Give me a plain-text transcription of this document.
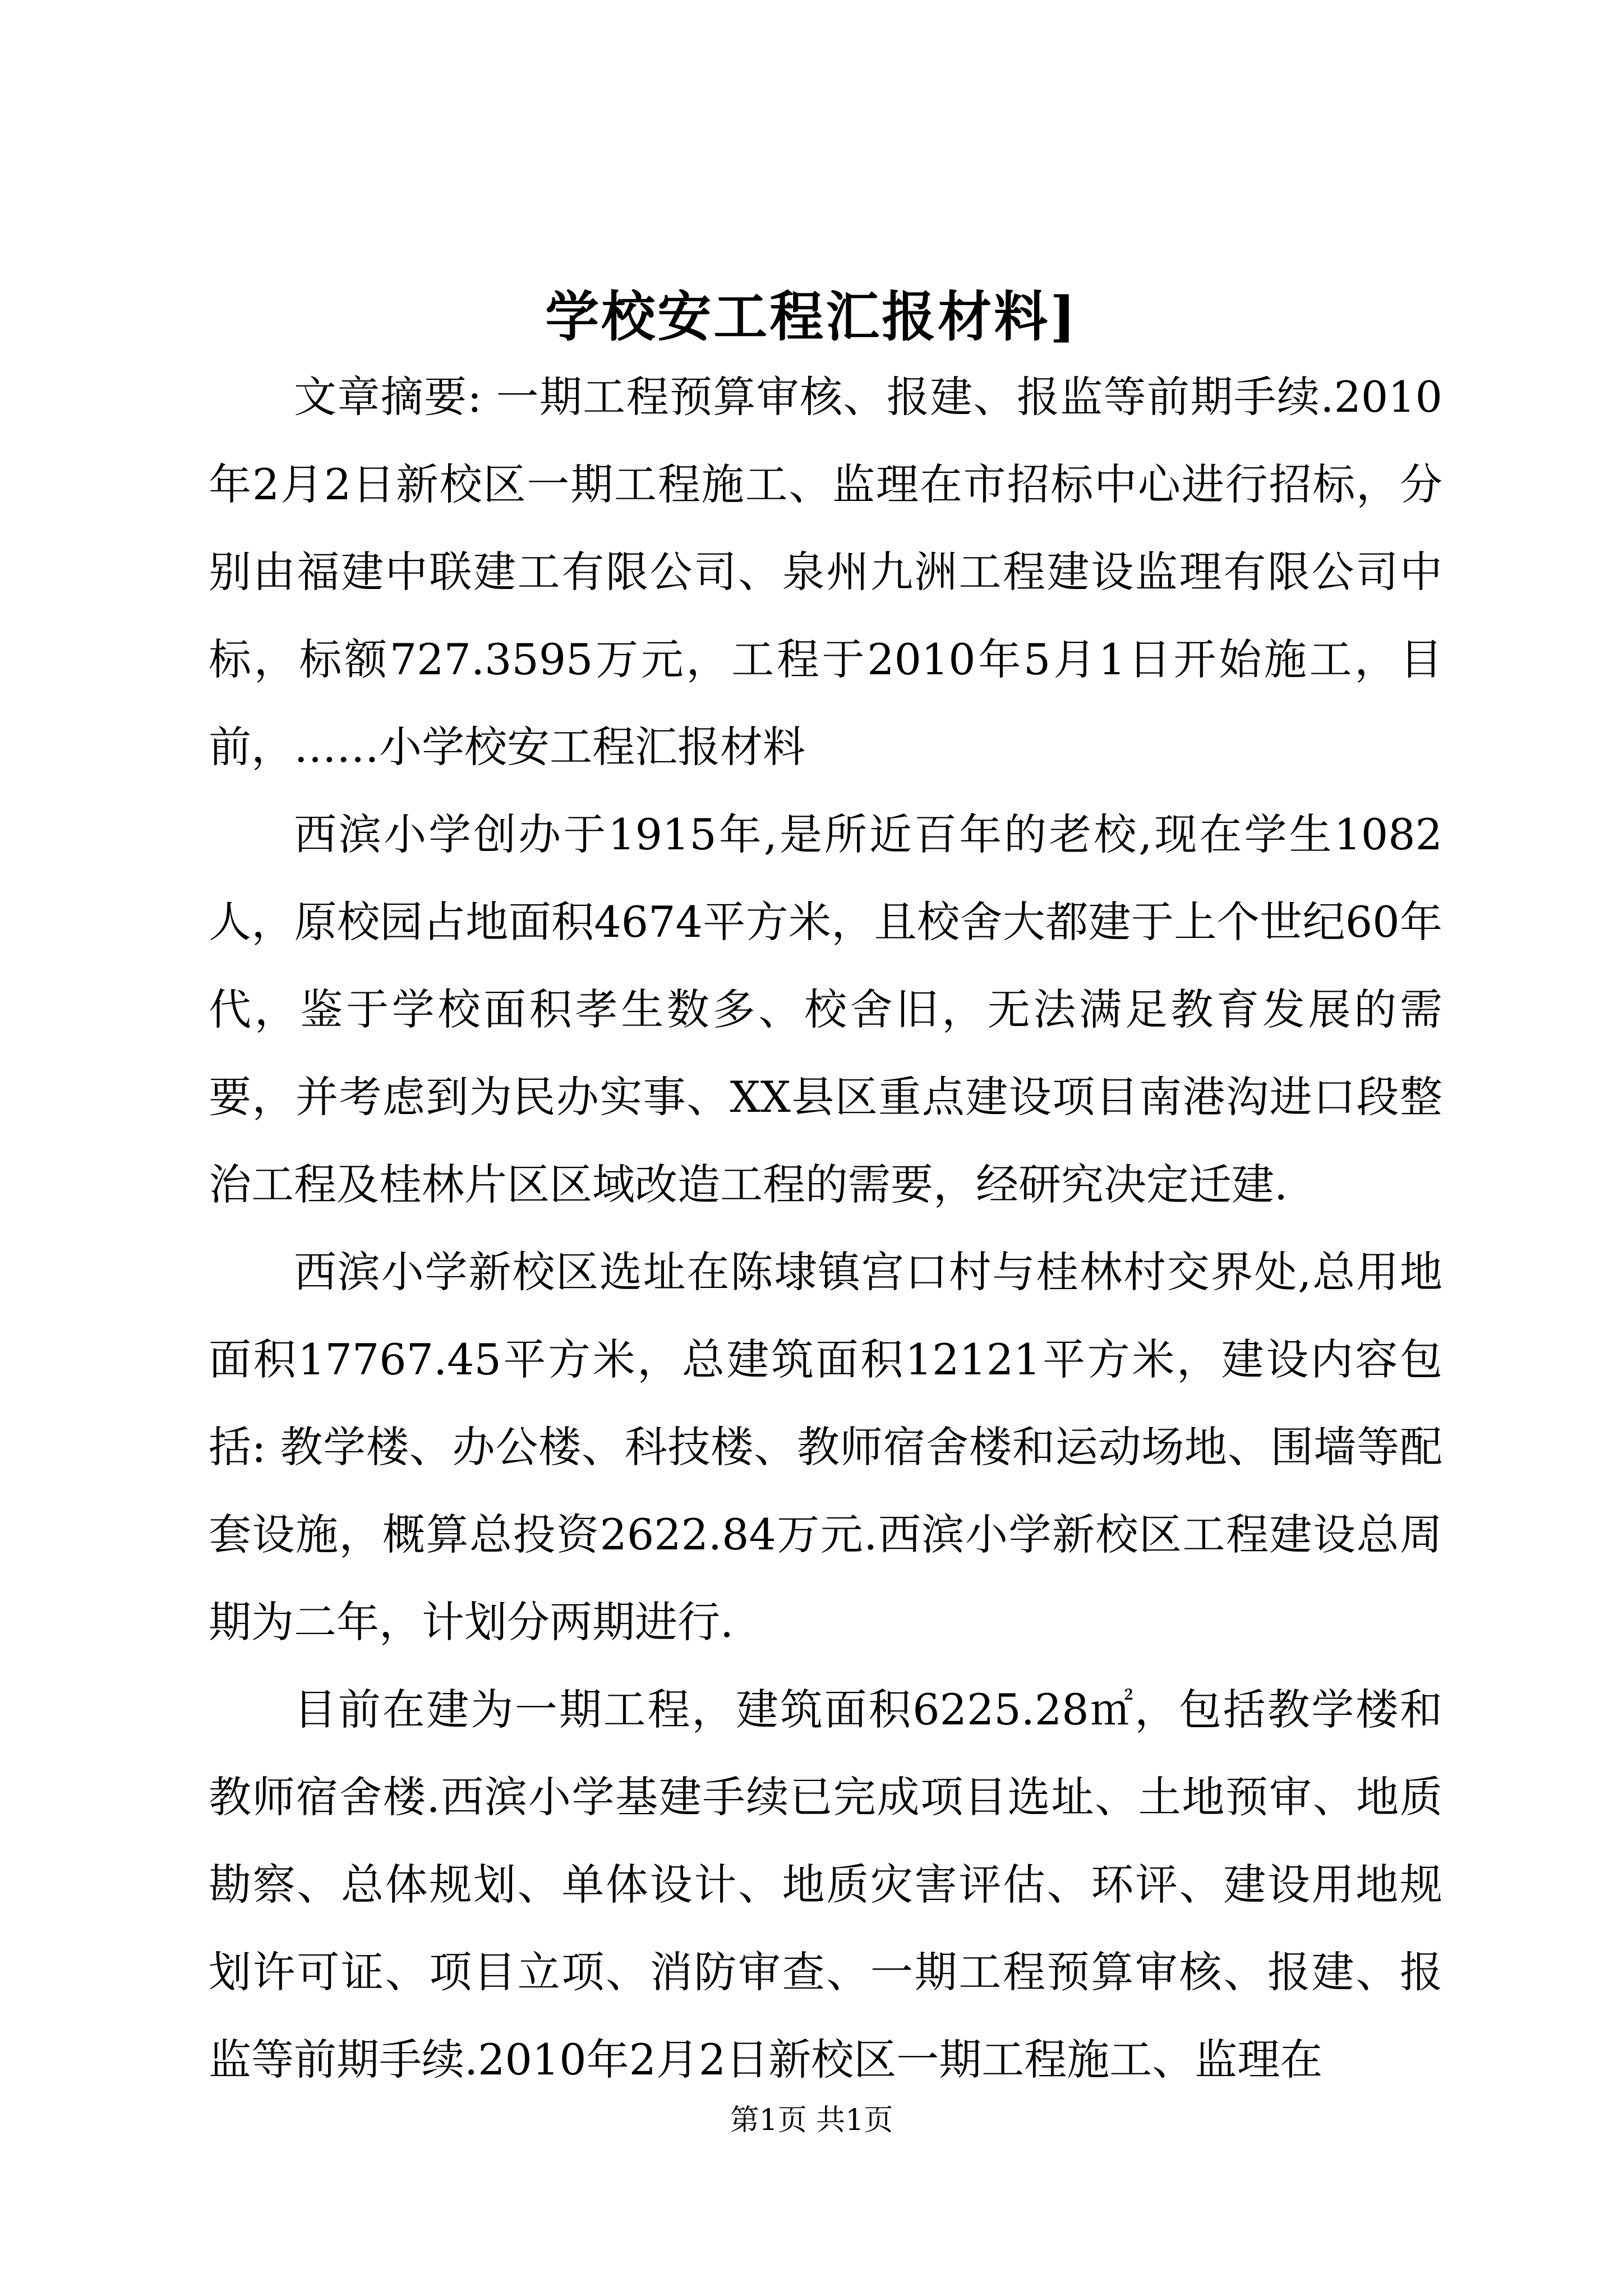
学校安工程汇报材料]

文章摘要: 一期工程预算审核、报建、报监等前期手续.2010年2月2日新校区一期工程施工、监理在市招标中心进行招标，分别由福建中联建工有限公司、泉州九洲工程建设监理有限公司中标，标额727.3595万元，工程于2010年5月1日开始施工，目前，……小学校安工程汇报材料

西滨小学创办于1915年,是所近百年的老校,现在学生1082人，原校园占地面积4674平方米，且校舍大都建于上个世纪60年代，鉴于学校面积孝生数多、校舍旧，无法满足教育发展的需要，并考虑到为民办实事、XX县区重点建设项目南港沟进口段整治工程及桂林片区区域改造工程的需要，经研究决定迁建.

西滨小学新校区选址在陈埭镇宫口村与桂林村交界处,总用地面积17767.45平方米，总建筑面积12121平方米，建设内容包括: 教学楼、办公楼、科技楼、教师宿舍楼和运动场地、围墙等配套设施，概算总投资2622.84万元.西滨小学新校区工程建设总周期为二年，计划分两期进行.

目前在建为一期工程，建筑面积6225.28㎡，包括教学楼和教师宿舍楼.西滨小学基建手续已完成项目选址、土地预审、地质勘察、总体规划、单体设计、地质灾害评估、环评、建设用地规划许可证、项目立项、消防审查、一期工程预算审核、报建、报监等前期手续.2010年2月2日新校区一期工程施工、监理在

第1页 共1页
